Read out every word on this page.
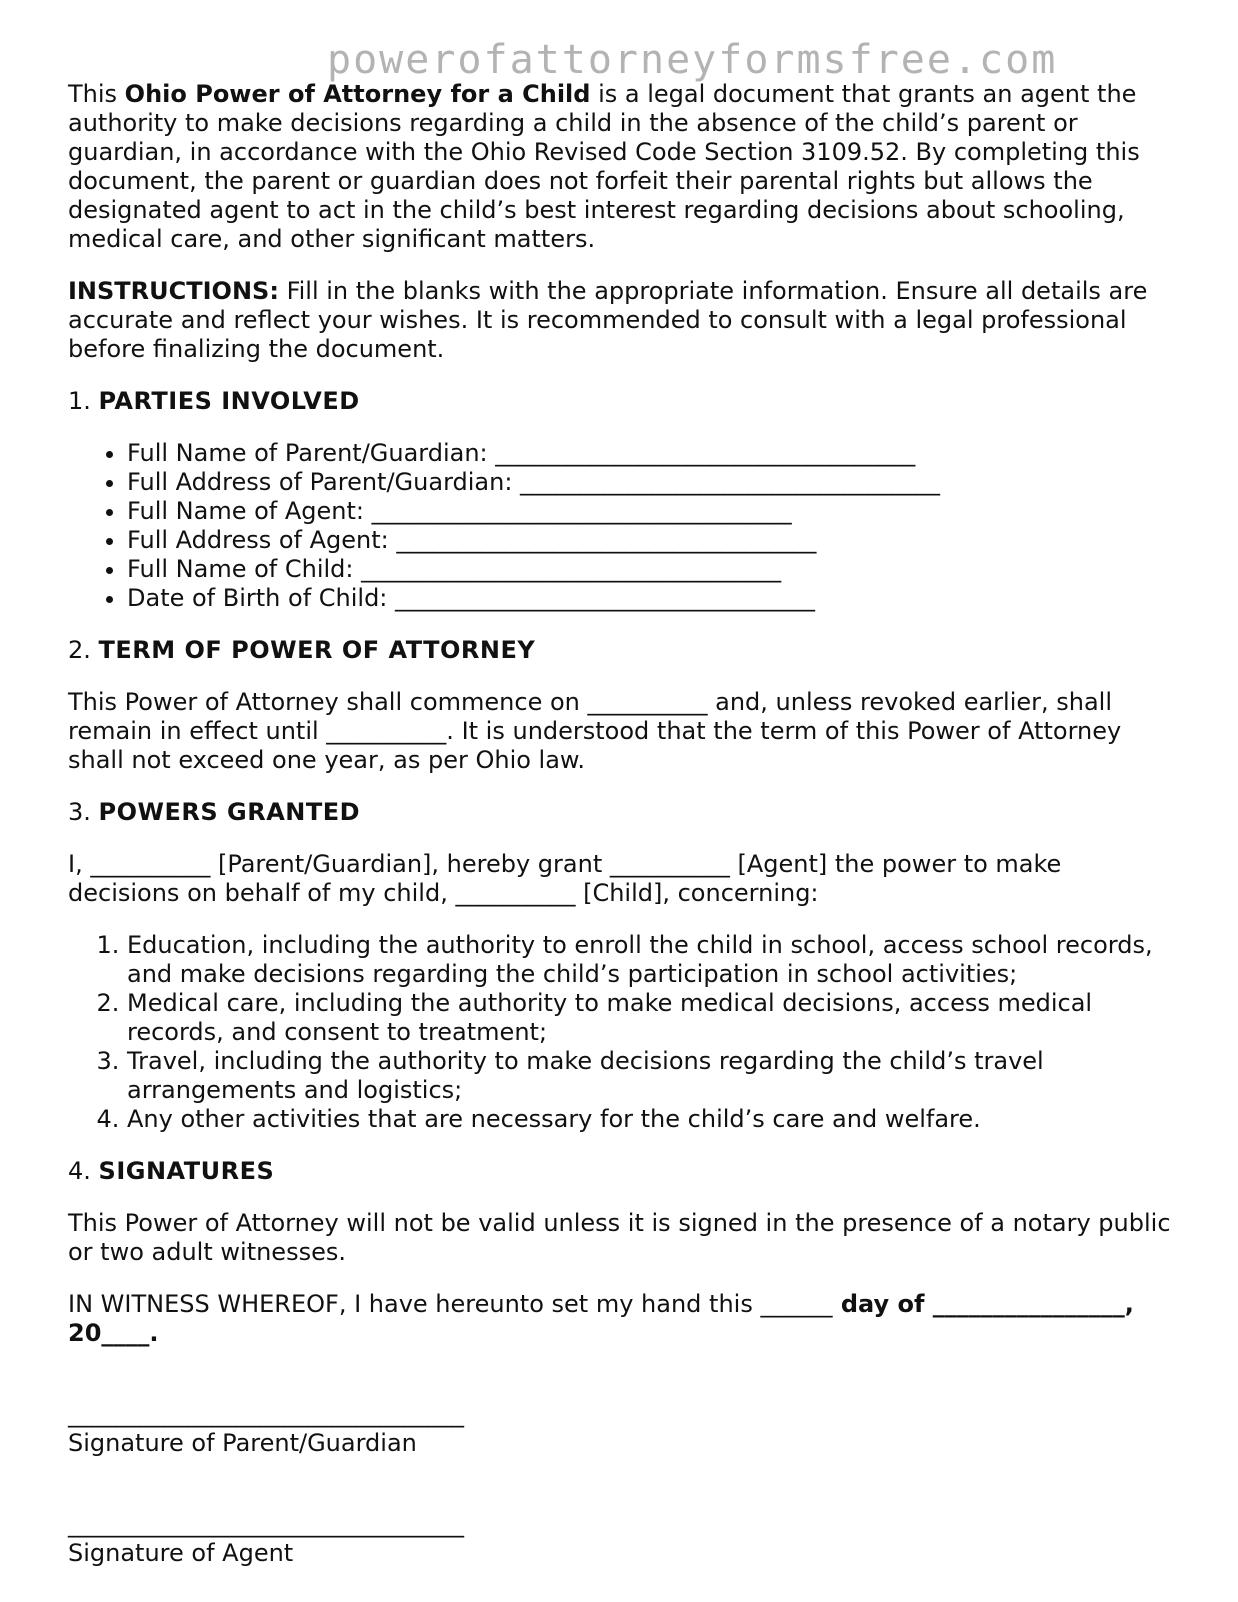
powerofattorneyformsfree.com

This Ohio Power of Attorney for a Child is a legal document that grants an agent the authority to make decisions regarding a child in the absence of the child’s parent or guardian, in accordance with the Ohio Revised Code Section 3109.52. By completing this document, the parent or guardian does not forfeit their parental rights but allows the designated agent to act in the child’s best interest regarding decisions about schooling, medical care, and other significant matters.

INSTRUCTIONS: Fill in the blanks with the appropriate information. Ensure all details are accurate and reflect your wishes. It is recommended to consult with a legal professional before finalizing the document.

1. PARTIES INVOLVED
• Full Name of Parent/Guardian: ___________________________________
• Full Address of Parent/Guardian: ___________________________________
• Full Name of Agent: ___________________________________
• Full Address of Agent: ___________________________________
• Full Name of Child: ___________________________________
• Date of Birth of Child: ___________________________________
2. TERM OF POWER OF ATTORNEY

This Power of Attorney shall commence on __________ and, unless revoked earlier, shall remain in effect until __________. It is understood that the term of this Power of Attorney shall not exceed one year, as per Ohio law.

3. POWERS GRANTED

I, __________ [Parent/Guardian], hereby grant __________ [Agent] the power to make decisions on behalf of my child, __________ [Child], concerning:

1. Education, including the authority to enroll the child in school, access school records, and make decisions regarding the child’s participation in school activities;
2. Medical care, including the authority to make medical decisions, access medical records, and consent to treatment;
3. Travel, including the authority to make decisions regarding the child’s travel arrangements and logistics;
4. Any other activities that are necessary for the child’s care and welfare.
4. SIGNATURES

This Power of Attorney will not be valid unless it is signed in the presence of a notary public or two adult witnesses.

IN WITNESS WHEREOF, I have hereunto set my hand this ______ day of ________________, 20____.

_________________________________
Signature of Parent/Guardian
_________________________________
Signature of Agent
